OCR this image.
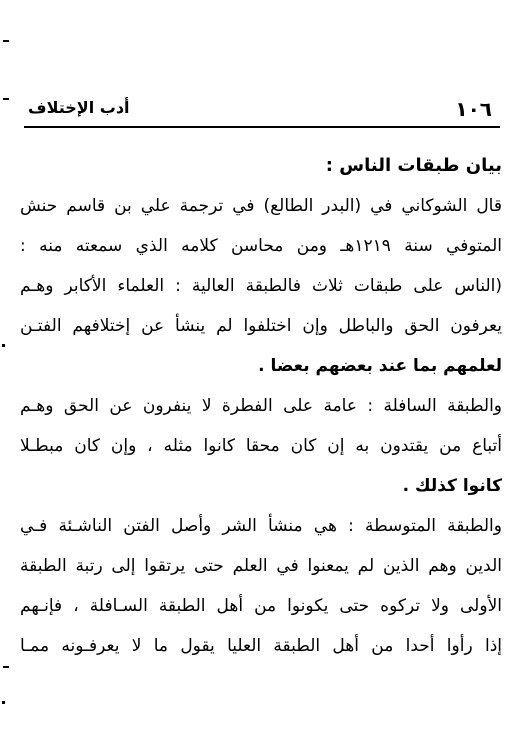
١٠٦
أدب الإختلاف
بيان طبقات الناس :
قال الشوكاني في (البدر الطالع) في ترجمة علي بن قاسم حنش
المتوفي سنة ١٢١٩هـ ومن محاسن كلامه الذي سمعته منه :
(الناس على طبقات ثلاث فالطبقة العالية : العلماء الأكابر وهـم
يعرفون الحق والباطل وإن اختلفوا لم ينشأ عن إختلافهم الفتـن
لعلمهم بما عند بعضهم بعضا .
والطبقة السافلة : عامة على الفطرة لا ينفرون عن الحق وهـم
أتباع من يقتدون به إن كان محقا كانوا مثله ، وإن كان مبطـلا
كانوا كذلك .
والطبقة المتوسطة : هي منشأ الشر وأصل الفتن الناشـئة فـي
الدين وهم الذين لم يمعنوا في العلم حتى يرتقوا إلى رتبة الطبقة
الأولى ولا تركوه حتى يكونوا من أهل الطبقة السـافلة ، فإنـهم
إذا رأوا أحدا من أهل الطبقة العليا يقول ما لا يعرفـونه ممـا
